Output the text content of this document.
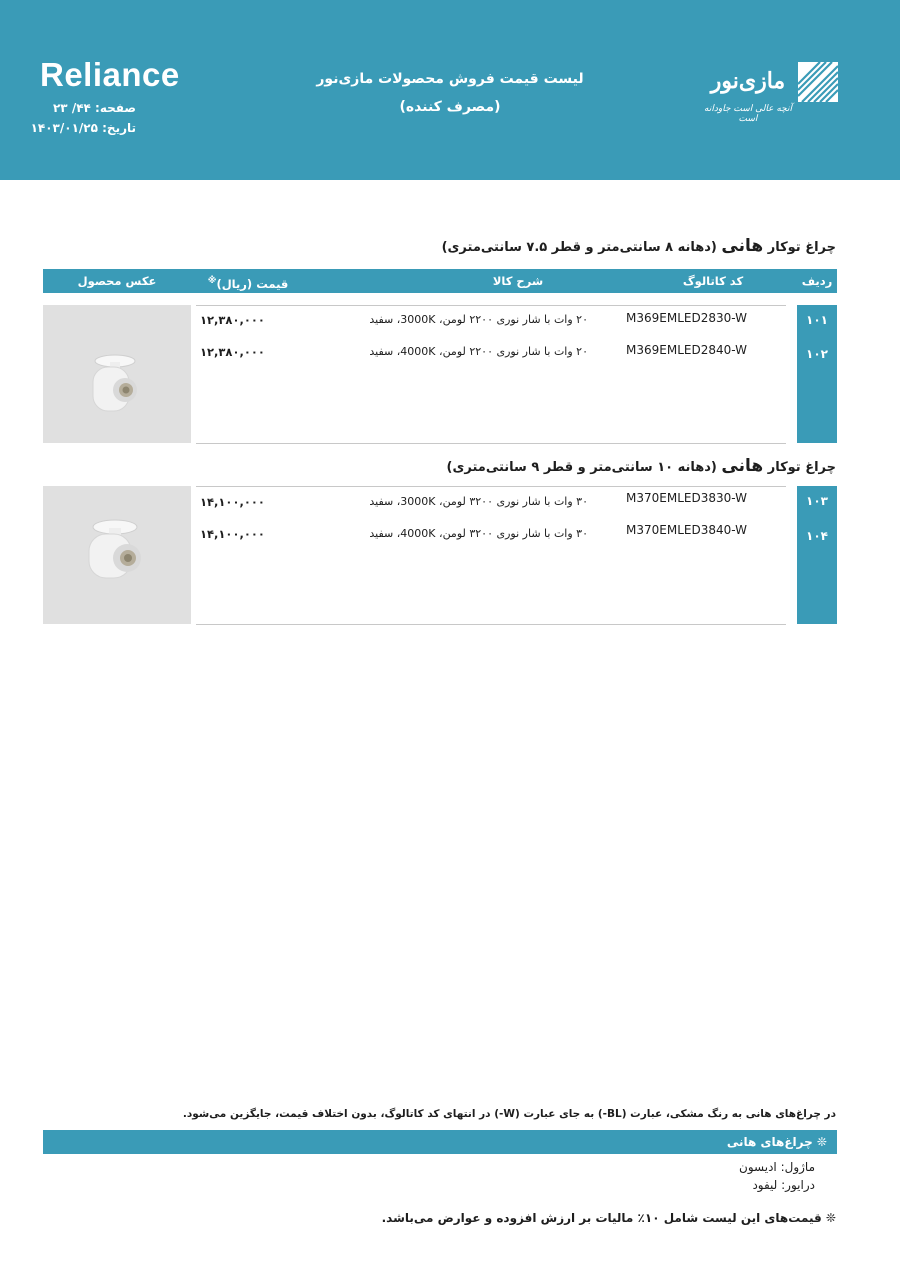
Reliance
صفحه: ۴۴/ ۲۳
تاریخ: ۱۴۰۳/۰۱/۲۵
لیست قیمت فروش محصولات مازی‌نور
(مصرف کننده)
مازی‌نور
آنچه عالی است جاودانه است
چراغ توکار هانی (دهانه ۸ سانتی‌متر و قطر ۷.۵ سانتی‌متری)
ردیف
کد کاتالوگ
شرح کالا
قیمت (ریال)※
عکس محصول
۱۰۱
M369EMLED2830-W
۲۰ وات با شار نوری ۲۲۰۰ لومن، 3000K، سفید
۱۲,۳۸۰,۰۰۰
۱۰۲
M369EMLED2840-W
۲۰ وات با شار نوری ۲۲۰۰ لومن، 4000K، سفید
۱۲,۳۸۰,۰۰۰
چراغ توکار هانی (دهانه ۱۰ سانتی‌متر و قطر ۹ سانتی‌متری)
۱۰۳
M370EMLED3830-W
۳۰ وات با شار نوری ۳۲۰۰ لومن، 3000K، سفید
۱۴,۱۰۰,۰۰۰
۱۰۴
M370EMLED3840-W
۳۰ وات با شار نوری ۳۲۰۰ لومن، 4000K، سفید
۱۴,۱۰۰,۰۰۰
در چراغ‌های هانی به رنگ مشکی، عبارت (BL-) به جای عبارت (W-) در انتهای کد کاتالوگ، بدون اختلاف قیمت، جایگزین می‌شود.
❊ چراغ‌های هانی
ماژول: ادیسون
درایور: لیفود
❊ قیمت‌های این لیست شامل ۱۰٪ مالیات بر ارزش افزوده و عوارض می‌باشد.
